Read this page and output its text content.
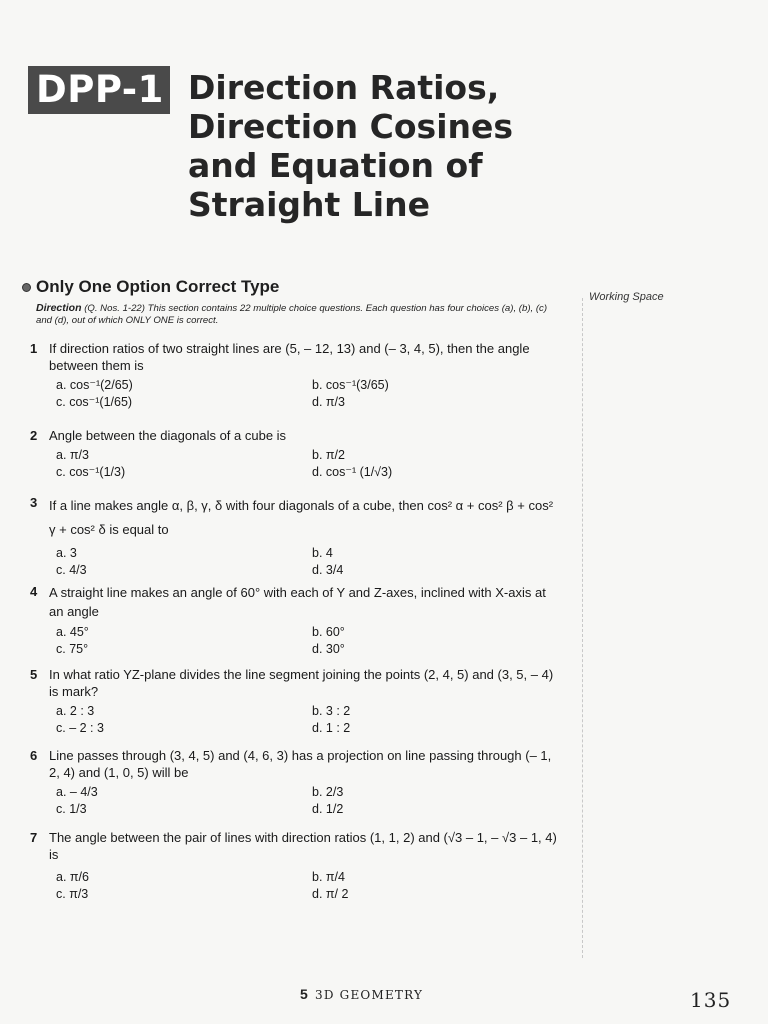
DPP-1 Direction Ratios,
Direction Cosines
and Equation of
Straight Line
Only One Option Correct Type
Direction (Q. Nos. 1-22) This section contains 22 multiple choice questions. Each question has four choices (a), (b), (c) and (d), out of which ONLY ONE is correct.
Working Space
1 If direction ratios of two straight lines are (5, – 12, 13) and (– 3, 4, 5), then the angle between them is
a. cos⁻¹(2/65)	b. cos⁻¹(3/65)
c. cos⁻¹(1/65)	d. π/3
2 Angle between the diagonals of a cube is
a. π/3	b. π/2
c. cos⁻¹(1/3)	d. cos⁻¹ (1/√3)
3 If a line makes angle α, β, γ, δ with four diagonals of a cube, then cos² α + cos² β + cos² γ + cos² δ is equal to
a. 3	b. 4
c. 4/3	d. 3/4
4 A straight line makes an angle of 60° with each of Y and Z-axes, inclined with X-axis at an angle
a. 45°	b. 60°
c. 75°	d. 30°
5 In what ratio YZ-plane divides the line segment joining the points (2, 4, 5) and (3, 5, – 4) is mark?
a. 2 : 3	b. 3 : 2
c. – 2 : 3	d. 1 : 2
6 Line passes through (3, 4, 5) and (4, 6, 3) has a projection on line passing through (– 1, 2, 4) and (1, 0, 5) will be
a. – 4/3	b. 2/3
c. 1/3	d. 1/2
7 The angle between the pair of lines with direction ratios (1, 1, 2) and (√3 – 1, – √3 – 1, 4) is
a. π/6	b. π/4
c. π/3	d. π/ 2
5 3D GEOMETRY	135
